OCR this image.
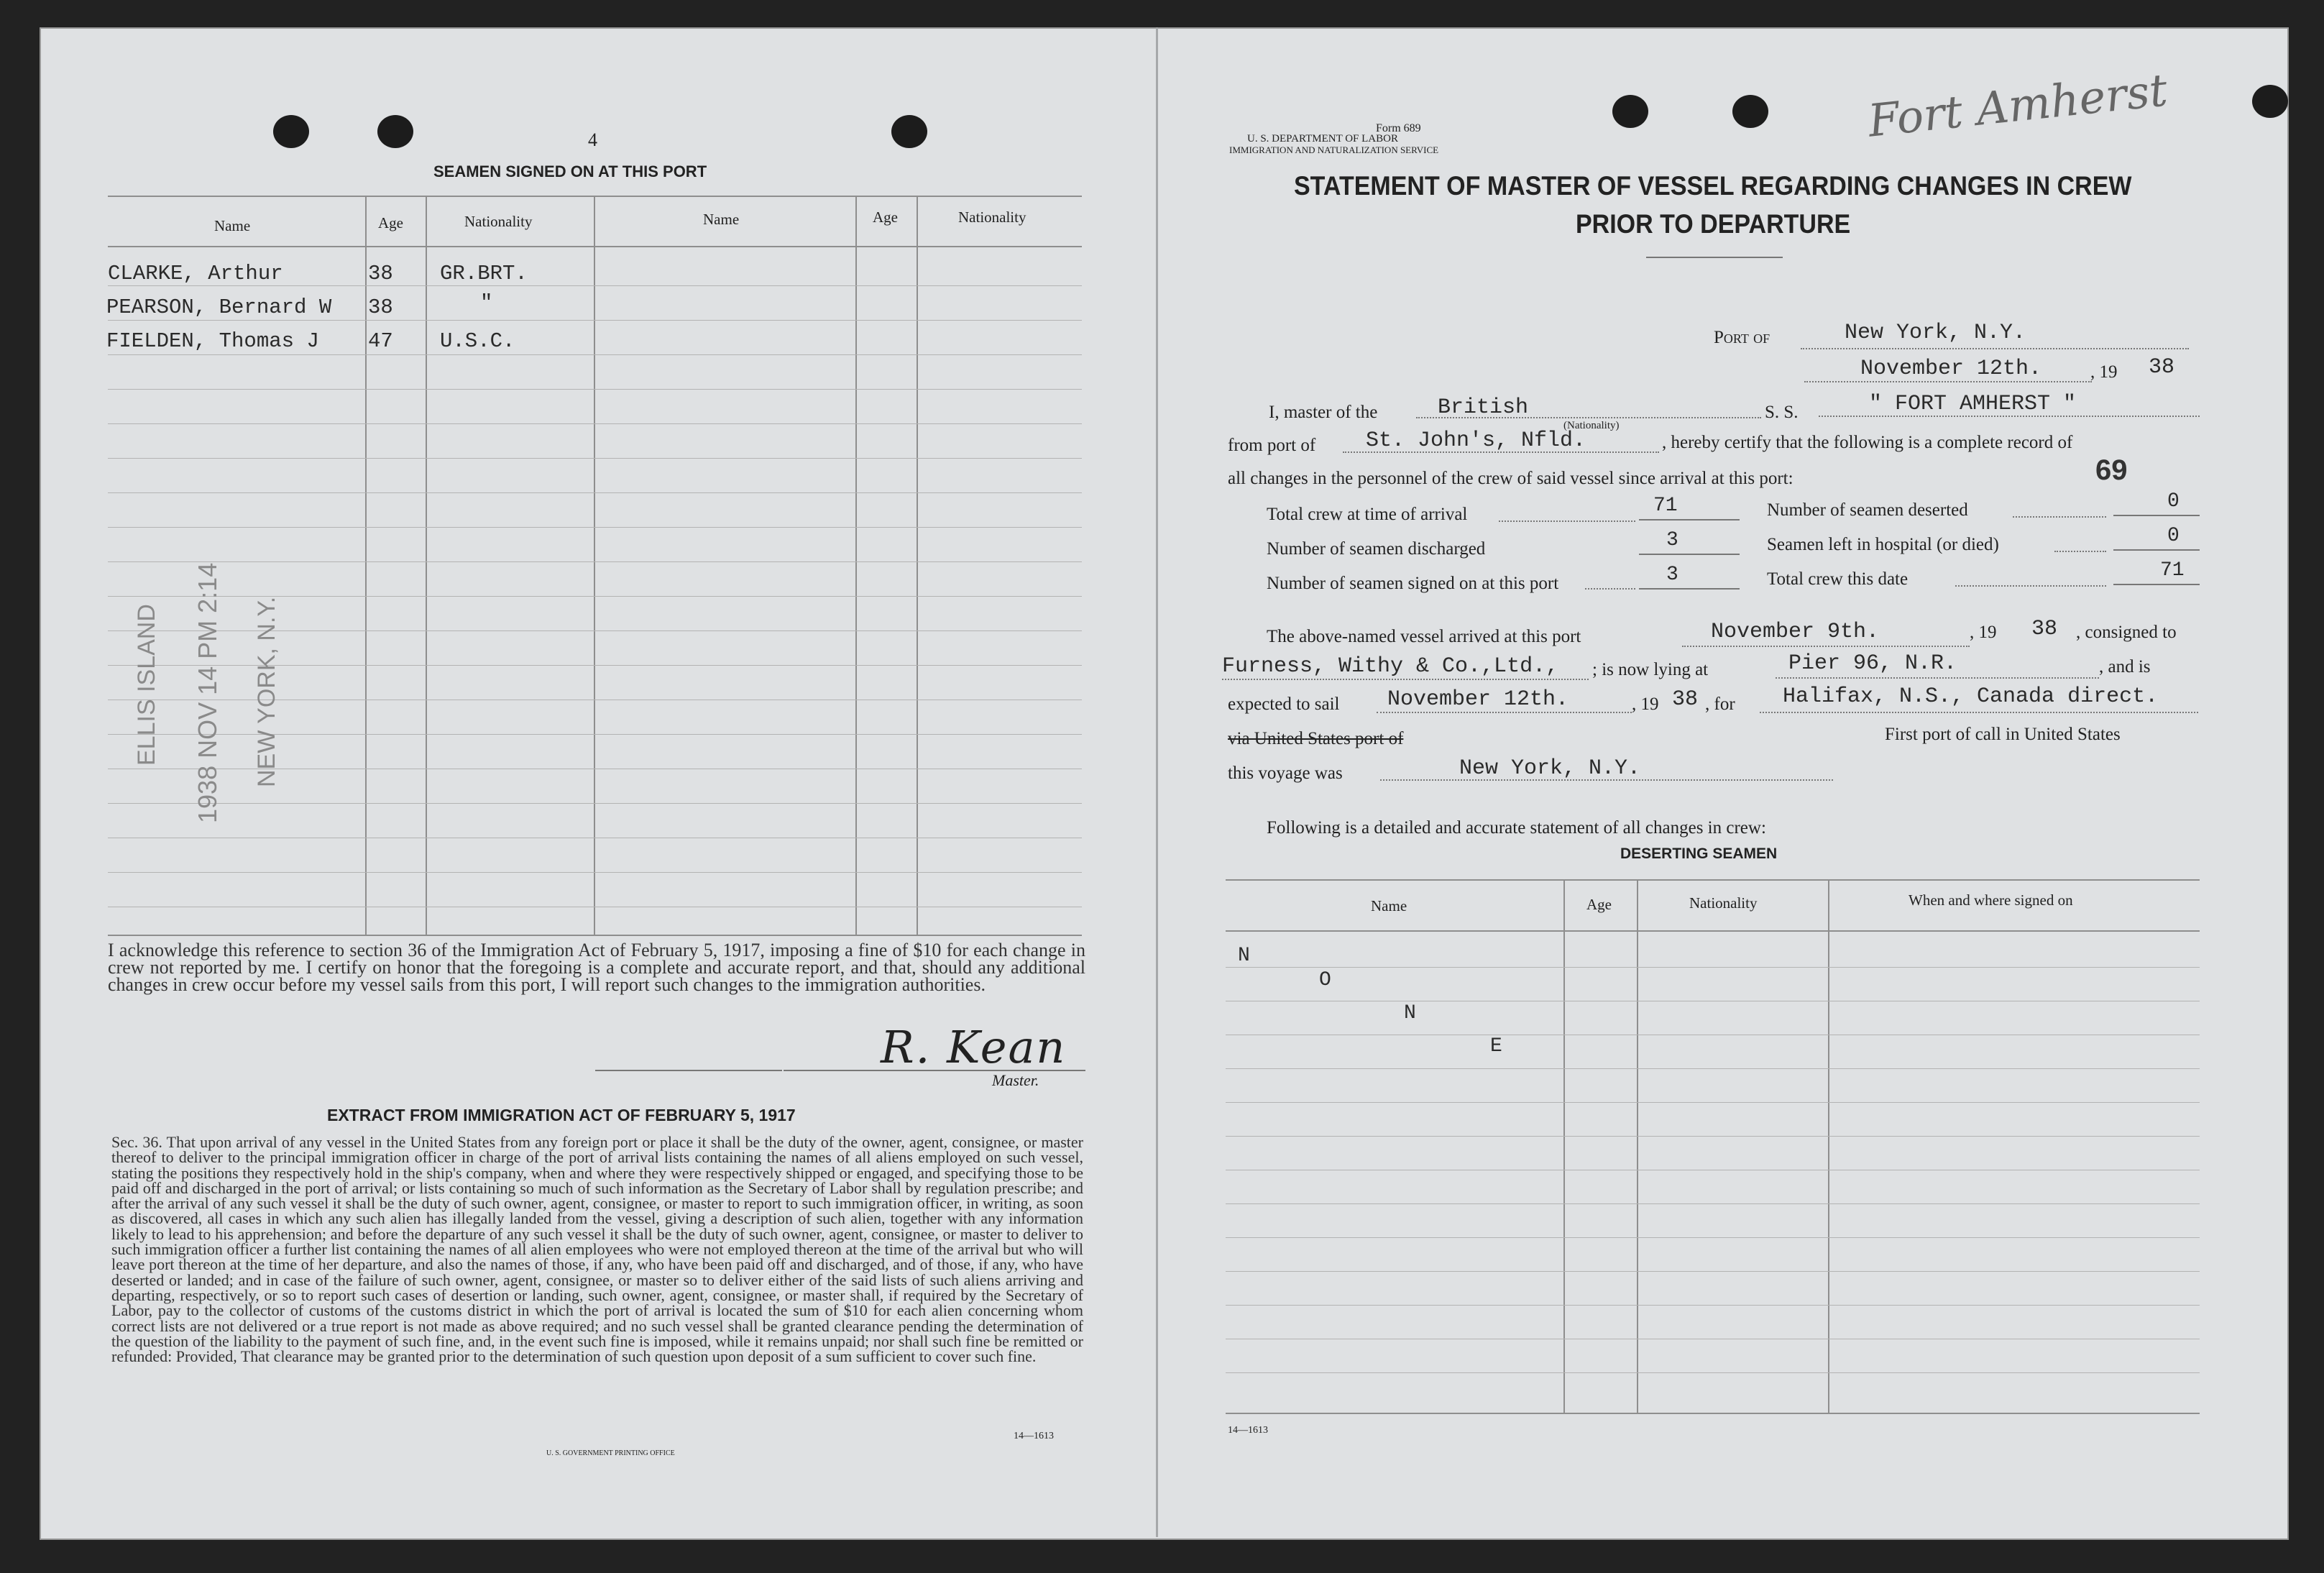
4
SEAMEN SIGNED ON AT THIS PORT
Name	Age	Nationality	Name	Age	Nationality
CLARKE, Arthur	38 GR.BRT.
PEARSON, Bernard W 38	"
FIELDEN, Thomas J 47 U.S.C.
ELLIS ISLAND 1938 NOV 14 PM 2:14 NEW YORK, N.Y.
I acknowledge this reference to section 36 of the Immigration Act of February 5, 1917, imposing a fine of $10 for each change in crew not reported by me. I certify on honor that the foregoing is a complete and accurate report, and that, should any additional changes in crew occur before my vessel sails from this port, I will report such changes to the immigration authorities.
R. Kean
Master.
EXTRACT FROM IMMIGRATION ACT OF FEBRUARY 5, 1917
Sec. 36. That upon arrival of any vessel in the United States from any foreign port or place it shall be the duty of the owner, agent, consignee, or master thereof to deliver to the principal immigration officer in charge of the port of arrival lists containing the names of all aliens employed on such vessel, stating the positions they respectively hold in the ship's company, when and where they were respectively shipped or engaged, and specifying those to be paid off and discharged in the port of arrival; or lists containing so much of such information as the Secretary of Labor shall by regulation prescribe; and after the arrival of any such vessel it shall be the duty of such owner, agent, consignee, or master to report to such immigration officer, in writing, as soon as discovered, all cases in which any such alien has illegally landed from the vessel, giving a description of such alien, together with any information likely to lead to his apprehension; and before the departure of any such vessel it shall be the duty of such owner, agent, consignee, or master to deliver to such immigration officer a further list containing the names of all alien employees who were not employed thereon at the time of the arrival but who will leave port thereon at the time of her departure, and also the names of those, if any, who have been paid off and discharged, and of those, if any, who have deserted or landed; and in case of the failure of such owner, agent, consignee, or master so to deliver either of the said lists of such aliens arriving and departing, respectively, or so to report such cases of desertion or landing, such owner, agent, consignee, or master shall, if required by the Secretary of Labor, pay to the collector of customs of the customs district in which the port of arrival is located the sum of $10 for each alien concerning whom correct lists are not delivered or a true report is not made as above required; and no such vessel shall be granted clearance pending the determination of the question of the liability to the payment of such fine, and, in the event such fine is imposed, while it remains unpaid; nor shall such fine be remitted or refunded: Provided, That clearance may be granted prior to the determination of such question upon deposit of a sum sufficient to cover such fine.
U. S. GOVERNMENT PRINTING OFFICE
14—1613
Form 689
U. S. DEPARTMENT OF LABOR
IMMIGRATION AND NATURALIZATION SERVICE
Fort Amherst
STATEMENT OF MASTER OF VESSEL REGARDING CHANGES IN CREW
PRIOR TO DEPARTURE
Port of	New York, N.Y.
November 12th.	, 19 38
I, master of the	British
(Nationality)
S. S.	" FORT AMHERST "
from port of St. John's, Nfld.	, hereby certify that the following is a complete record of
all changes in the personnel of the crew of said vessel since arrival at this port:	69
Total crew at time of arrival	71
Number of seamen discharged	3
Number of seamen signed on at this port	3
Number of seamen deserted	0
Seamen left in hospital (or died)	0
Total crew this date	71
The above-named vessel arrived at this port	November 9th.	, 19 38 , consigned to
Furness, Withy & Co.,Ltd., ; is now lying at	Pier 96, N.R.	, and is
expected to sail November 12th.	, 19 38 , for Halifax, N.S., Canada direct.
via United States port of	First port of call in United States
this voyage was	New York, N.Y.
Following is a detailed and accurate statement of all changes in crew:
DESERTING SEAMEN
Name	Age	Nationality	When and where signed on
N
O
N
E
14—1613
